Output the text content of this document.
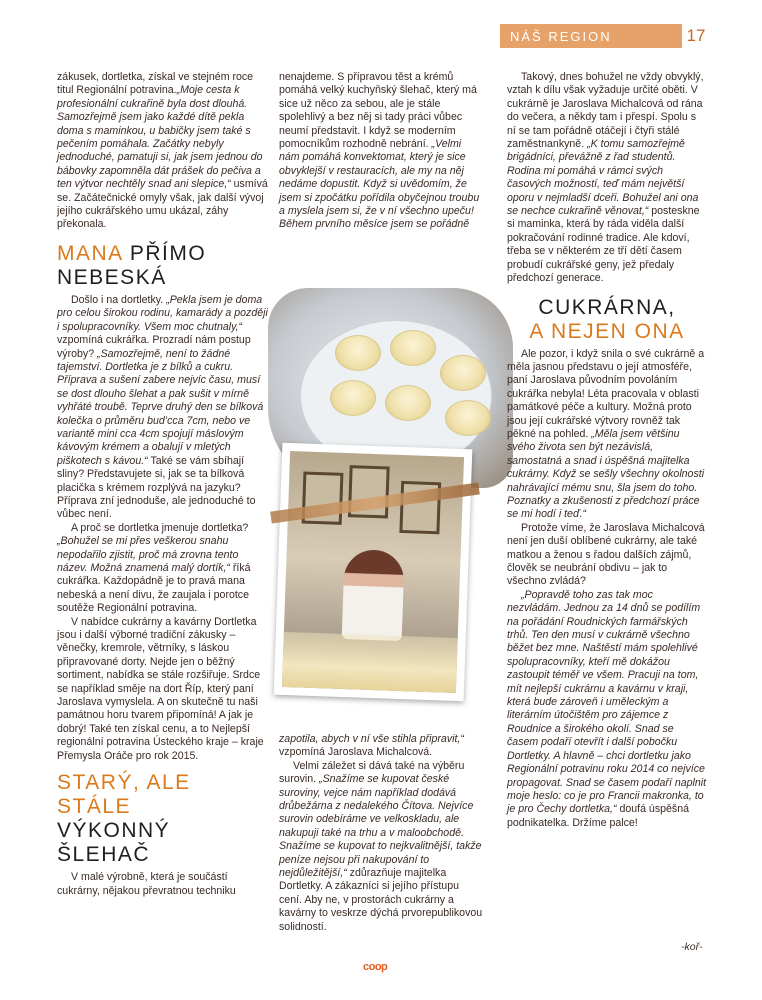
NÁŠ REGION	17

zákusek, dortletka, získal ve stejném roce titul Regionální potravina.„Moje cesta k profesionální cukrařině byla dost dlouhá. Samozřejmě jsem jako každé dítě pekla doma s maminkou, u babičky jsem také s pečením pomáhala. Začátky nebyly jednoduché, pamatuji si, jak jsem jednou do bábovky zapomněla dát prášek do pečiva a ten výtvor nechtěly snad ani slepice,“ usmívá se. Začátečnické omyly však, jak další vývoj jejího cukrářského umu ukázal, záhy překonala.

MANA PŘÍMO
NEBESKÁ

Došlo i na dortletky. „Pekla jsem je doma pro celou širokou rodinu, kamarády a později i spolupracovníky. Všem moc chutnaly,“ vzpomíná cukrářka. Prozradí nám postup výroby? „Samozřejmě, není to žádné tajemství. Dortletka je z bílků a cukru. Příprava a sušení zabere nejvíc času, musí se dost dlouho šlehat a pak sušit v mírně vyhřáté troubě. Teprve druhý den se bílková kolečka o průměru bud’cca 7cm, nebo ve variantě mini cca 4cm spojují máslovým kávovým krémem a obalují v mletých piškotech s kávou.“ Také se vám sbíhají sliny? Představujete si, jak se ta bílková placička s krémem rozplývá na jazyku? Příprava zní jednoduše, ale jednoduché to vůbec není.

A proč se dortletka jmenuje dortletka? „Bohužel se mi přes veškerou snahu nepodařilo zjistit, proč má zrovna tento název. Možná znamená malý dortík,“ říká cukrářka. Každopádně je to pravá mana nebeská a není divu, že zaujala i porotce soutěže Regionální potravina.

V nabídce cukrárny a kavárny Dortletka jsou i další výborné tradiční zákusky – věnečky, kremrole, větrníky, s láskou připravované dorty. Nejde jen o běžný sortiment, nabídka se stále rozšiřuje. Srdce se například směje na dort Říp, který paní Jaroslava vymyslela. A on skutečně tu naši památnou horu tvarem připomíná! A jak je dobrý! Také ten získal cenu, a to Nejlepší regionální potravina Ústeckého kraje – kraje Přemysla Oráče pro rok 2015.

STARÝ, ALE STÁLE
VÝKONNÝ ŠLEHAČ

V malé výrobně, která je součástí cukrárny, nějakou převratnou techniku

nenajdeme. S přípravou těst a krémů pomáhá velký kuchyňský šlehač, který má sice už něco za sebou, ale je stále spolehlivý a bez něj si tady práci vůbec neumí představit. I když se moderním pomocníkům rozhodně nebrání. „Velmi nám pomáhá konvektomat, který je sice obvyklejší v restauracích, ale my na něj nedáme dopustit. Když si uvědomím, že jsem si zpočátku pořídila obyčejnou troubu a myslela jsem si, že v ní všechno upeču! Během prvního měsíce jsem se pořádně

zapotila, abych v ní vše stihla připravit,“ vzpomíná Jaroslava Michalcová.

Velmi záležet si dává také na výběru surovin. „Snažíme se kupovat české suroviny, vejce nám například dodává drůbežárna z nedalekého Čítova. Nejvíce surovin odebíráme ve velkoskladu, ale nakupuji také na trhu a v maloobchodě. Snažíme se kupovat to nejkvalitnější, takže peníze nejsou při nakupování to nejdůležitější,“ zdůrazňuje majitelka Dortletky. A zákazníci si jejího přístupu cení. Aby ne, v prostorách cukrárny a kavárny to veskrze dýchá prvorepublikovou solidností.

Takový, dnes bohužel ne vždy obvyklý, vztah k dílu však vyžaduje určité oběti. V cukrárně je Jaroslava Michalcová od rána do večera, a někdy tam i přespí. Spolu s ní se tam pořádně otáčejí i čtyři stálé zaměstnankyně. „K tomu samozřejmě brigádníci, převážně z řad studentů. Rodina mi pomáhá v rámci svých časových možností, teď mám největší oporu v nejmladší dceři. Bohužel ani ona se nechce cukrařině věnovat,“ posteskne si maminka, která by ráda viděla další pokračování rodinné tradice. Ale kdoví, třeba se v některém ze tří dětí časem probudí cukrářské geny, jež předaly předchozí generace.

CUKRÁRNA,
A NEJEN ONA

Ale pozor, i když snila o své cukrárně a měla jasnou představu o její atmosféře, paní Jaroslava původním povoláním cukrářka nebyla! Léta pracovala v oblasti památkové péče a kultury. Možná proto jsou její cukrářské výtvory rovněž tak pěkné na pohled. „Měla jsem většinu svého života sen být nezávislá, samostatná a snad i úspěšná majitelka cukrárny. Když se sešly všechny okolnosti nahrávající mému snu, šla jsem do toho. Poznatky a zkušenosti z předchozí práce se mi hodí i teď.“

Protože víme, že Jaroslava Michalcová není jen duší oblíbené cukrárny, ale také matkou a ženou s řadou dalších zájmů, člověk se neubrání obdivu – jak to všechno zvládá?

„Popravdě toho zas tak moc nezvládám. Jednou za 14 dnů se podílím na pořádání Roudnických farmářských trhů. Ten den musí v cukrárně všechno běžet bez mne. Naštěstí mám spolehlivé spolupracovníky, kteří mě dokážou zastoupit téměř ve všem. Pracuji na tom, mít nejlepší cukrárnu a kavárnu v kraji, která bude zároveň i uměleckým a literárním útočištěm pro zájemce z Roudnice a širokého okolí. Snad se časem podaří otevřít i další pobočku Dortletky. A hlavně – chci dortletku jako Regionální potravinu roku 2014 co nejvíce propagovat. Snad se časem podaří naplnit moje heslo: co je pro Francii makronka, to je pro Čechy dortletka,“ doufá úspěšná podnikatelka. Držíme palce!

-koř-
coop
